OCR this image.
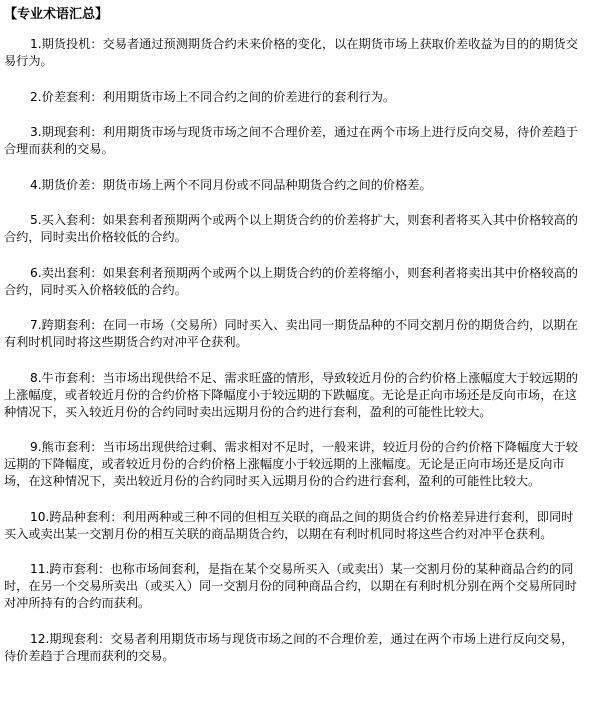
【专业术语汇总】
1.期货投机：交易者通过预测期货合约未来价格的变化，以在期货市场上获取价差收益为目的的期货交易行为。
2.价差套利：利用期货市场上不同合约之间的价差进行的套利行为。
3.期现套利：利用期货市场与现货市场之间不合理价差，通过在两个市场上进行反向交易，待价差趋于合理而获利的交易。
4.期货价差：期货市场上两个不同月份或不同品种期货合约之间的价格差。
5.买入套利：如果套利者预期两个或两个以上期货合约的价差将扩大，则套利者将买入其中价格较高的合约，同时卖出价格较低的合约。
6.卖出套利：如果套利者预期两个或两个以上期货合约的价差将缩小，则套利者将卖出其中价格较高的合约，同时买入价格较低的合约。
7.跨期套利：在同一市场（交易所）同时买入、卖出同一期货品种的不同交割月份的期货合约，以期在有利时机同时将这些期货合约对冲平仓获利。
8.牛市套利：当市场出现供给不足、需求旺盛的情形，导致较近月份的合约价格上涨幅度大于较远期的上涨幅度，或者较近月份的合约价格下降幅度小于较远期的下跌幅度。无论是正向市场还是反向市场，在这种情况下，买入较近月份的合约同时卖出远期月份的合约进行套利，盈利的可能性比较大。
9.熊市套利：当市场出现供给过剩、需求相对不足时，一般来讲，较近月份的合约价格下降幅度大于较远期的下降幅度，或者较近月份的合约价格上涨幅度小于较远期的上涨幅度。无论是正向市场还是反向市场，在这种情况下，卖出较近月份的合约同时买入远期月份的合约进行套利，盈利的可能性比较大。
10.跨品种套利：利用两种或三种不同的但相互关联的商品之间的期货合约价格差异进行套利，即同时买入或卖出某一交割月份的相互关联的商品期货合约，以期在有利时机同时将这些合约对冲平仓获利。
11.跨市套利：也称市场间套利，是指在某个交易所买入（或卖出）某一交割月份的某种商品合约的同时，在另一个交易所卖出（或买入）同一交割月份的同种商品合约，以期在有利时机分别在两个交易所同时对冲所持有的合约而获利。
12.期现套利：交易者利用期货市场与现货市场之间的不合理价差，通过在两个市场上进行反向交易，待价差趋于合理而获利的交易。
